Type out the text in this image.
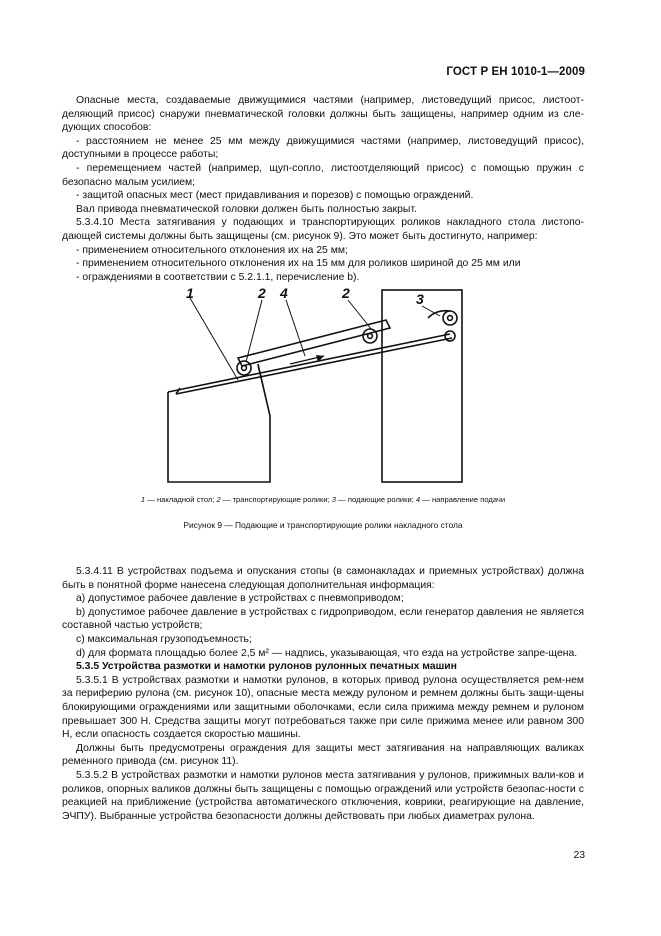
ГОСТ Р ЕН 1010-1—2009

Опасные места, создаваемые движущимися частями (например, листоведущий присос, листоот-деляющий присос) снаружи пневматической головки должны быть защищены, например одним из сле-дующих способов:

- расстоянием не менее 25 мм между движущимися частями (например, листоведущий присос), доступными в процессе работы;

- перемещением частей (например, щуп-сопло, листоотделяющий присос) с помощью пружин с безопасно малым усилием;

- защитой опасных мест (мест придавливания и порезов) с помощью ограждений.

Вал привода пневматической головки должен быть полностью закрыт.

5.3.4.10 Места затягивания у подающих и транспортирующих роликов накладного стола листопо-дающей системы должны быть защищены (см. рисунок 9). Это может быть достигнуто, например:

- применением относительного отклонения их на 25 мм;

- применением относительного отклонения их на 15 мм для роликов шириной до 25 мм или

- ограждениями в соответствии с 5.2.1.1, перечисление b).

1	2 4	2	3
1 — накладной стол; 2 — транспортирующие ролики; 3 — подающие ролики; 4 — направление подачи
Рисунок 9 — Подающие и транспортирующие ролики накладного стола

5.3.4.11 В устройствах подъема и опускания стопы (в самонакладах и приемных устройствах) должна быть в понятной форме нанесена следующая дополнительная информация:

а) допустимое рабочее давление в устройствах с пневмоприводом;

b) допустимое рабочее давление в устройствах с гидроприводом, если генератор давления не является составной частью устройств;

с) максимальная грузоподъемность;

d) для формата площадью более 2,5 м² — надпись, указывающая, что езда на устройстве запре-щена.

5.3.5 Устройства размотки и намотки рулонов рулонных печатных машин

5.3.5.1 В устройствах размотки и намотки рулонов, в которых привод рулона осуществляется рем-нем за периферию рулона (см. рисунок 10), опасные места между рулоном и ремнем должны быть защи-щены блокирующими ограждениями или защитными оболочками, если сила прижима между ремнем и рулоном превышает 300 Н. Средства защиты могут потребоваться также при силе прижима менее или равном 300 Н, если опасность создается скоростью машины.

Должны быть предусмотрены ограждения для защиты мест затягивания на направляющих валиках ременного привода (см. рисунок 11).

5.3.5.2 В устройствах размотки и намотки рулонов места затягивания у рулонов, прижимных вали-ков и роликов, опорных валиков должны быть защищены с помощью ограждений или устройств безопас-ности с реакцией на приближение (устройства автоматического отключения, коврики, реагирующие на давление, ЭЧПУ). Выбранные устройства безопасности должны действовать при любых диаметрах рулона.

23
